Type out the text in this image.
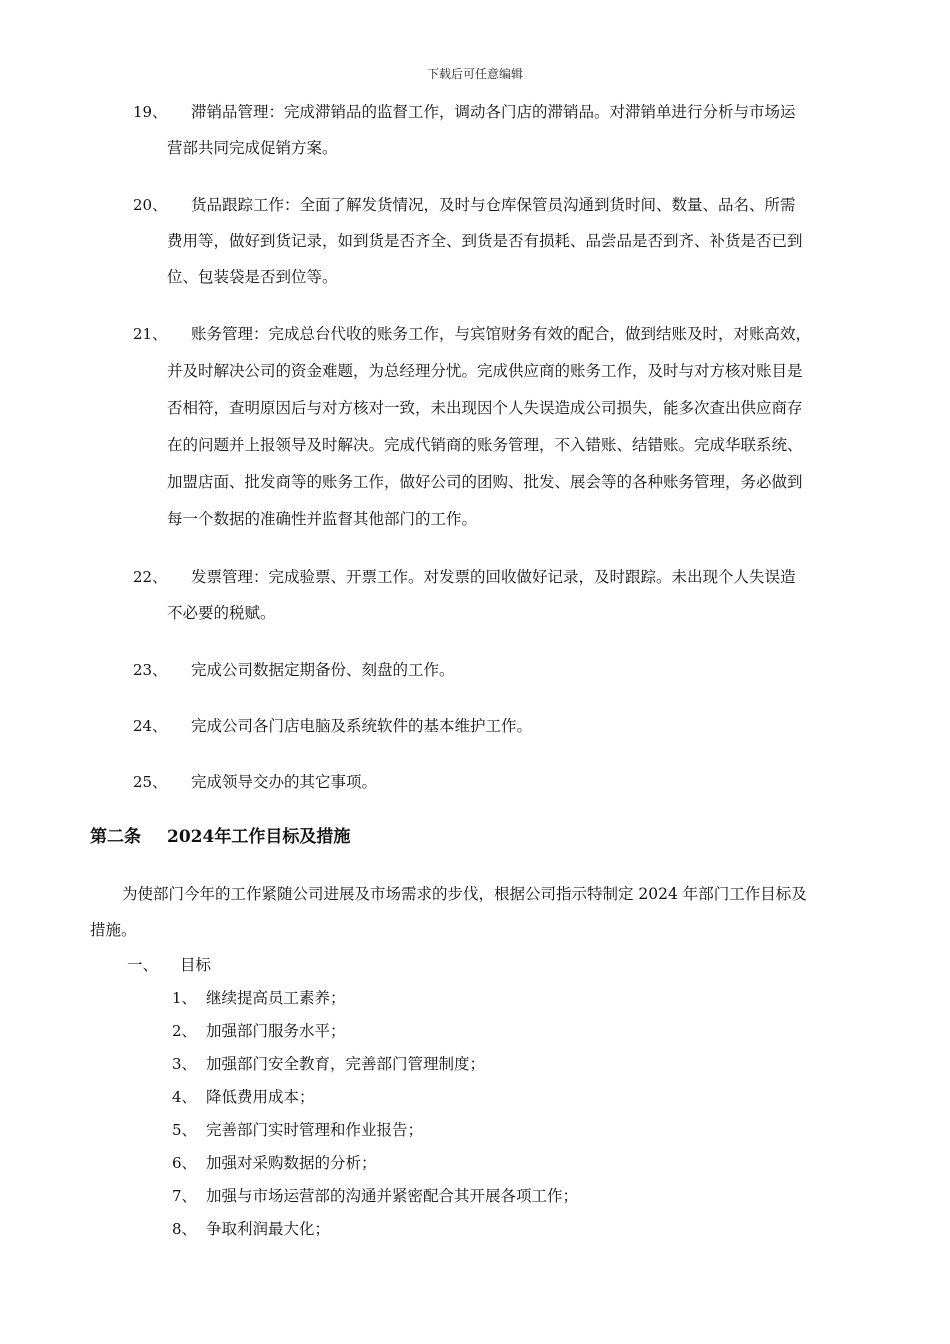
下载后可任意编辑
19、 滞销品管理：完成滞销品的监督工作，调动各门店的滞销品。对滞销单进行分析与市场运
营部共同完成促销方案。
20、 货品跟踪工作：全面了解发货情况，及时与仓库保管员沟通到货时间、数量、品名、所需
费用等，做好到货记录，如到货是否齐全、到货是否有损耗、品尝品是否到齐、补货是否已到
位、包装袋是否到位等。
21、 账务管理：完成总台代收的账务工作，与宾馆财务有效的配合，做到结账及时，对账高效，
并及时解决公司的资金难题，为总经理分忧。完成供应商的账务工作，及时与对方核对账目是
否相符，查明原因后与对方核对一致，未出现因个人失误造成公司损失，能多次查出供应商存
在的问题并上报领导及时解决。完成代销商的账务管理，不入错账、结错账。完成华联系统、
加盟店面、批发商等的账务工作，做好公司的团购、批发、展会等的各种账务管理，务必做到
每一个数据的准确性并监督其他部门的工作。
22、 发票管理：完成验票、开票工作。对发票的回收做好记录，及时跟踪。未出现个人失误造
不必要的税赋。
23、 完成公司数据定期备份、刻盘的工作。
24、 完成公司各门店电脑及系统软件的基本维护工作。
25、 完成领导交办的其它事项。
第二条 2024年工作目标及措施
为使部门今年的工作紧随公司进展及市场需求的步伐，根据公司指示特制定 2024 年部门工作目标及
措施。
一、 目标
1、 继续提高员工素养；
2、 加强部门服务水平；
3、 加强部门安全教育，完善部门管理制度；
4、 降低费用成本；
5、 完善部门实时管理和作业报告；
6、 加强对采购数据的分析；
7、 加强与市场运营部的沟通并紧密配合其开展各项工作；
8、 争取利润最大化；
